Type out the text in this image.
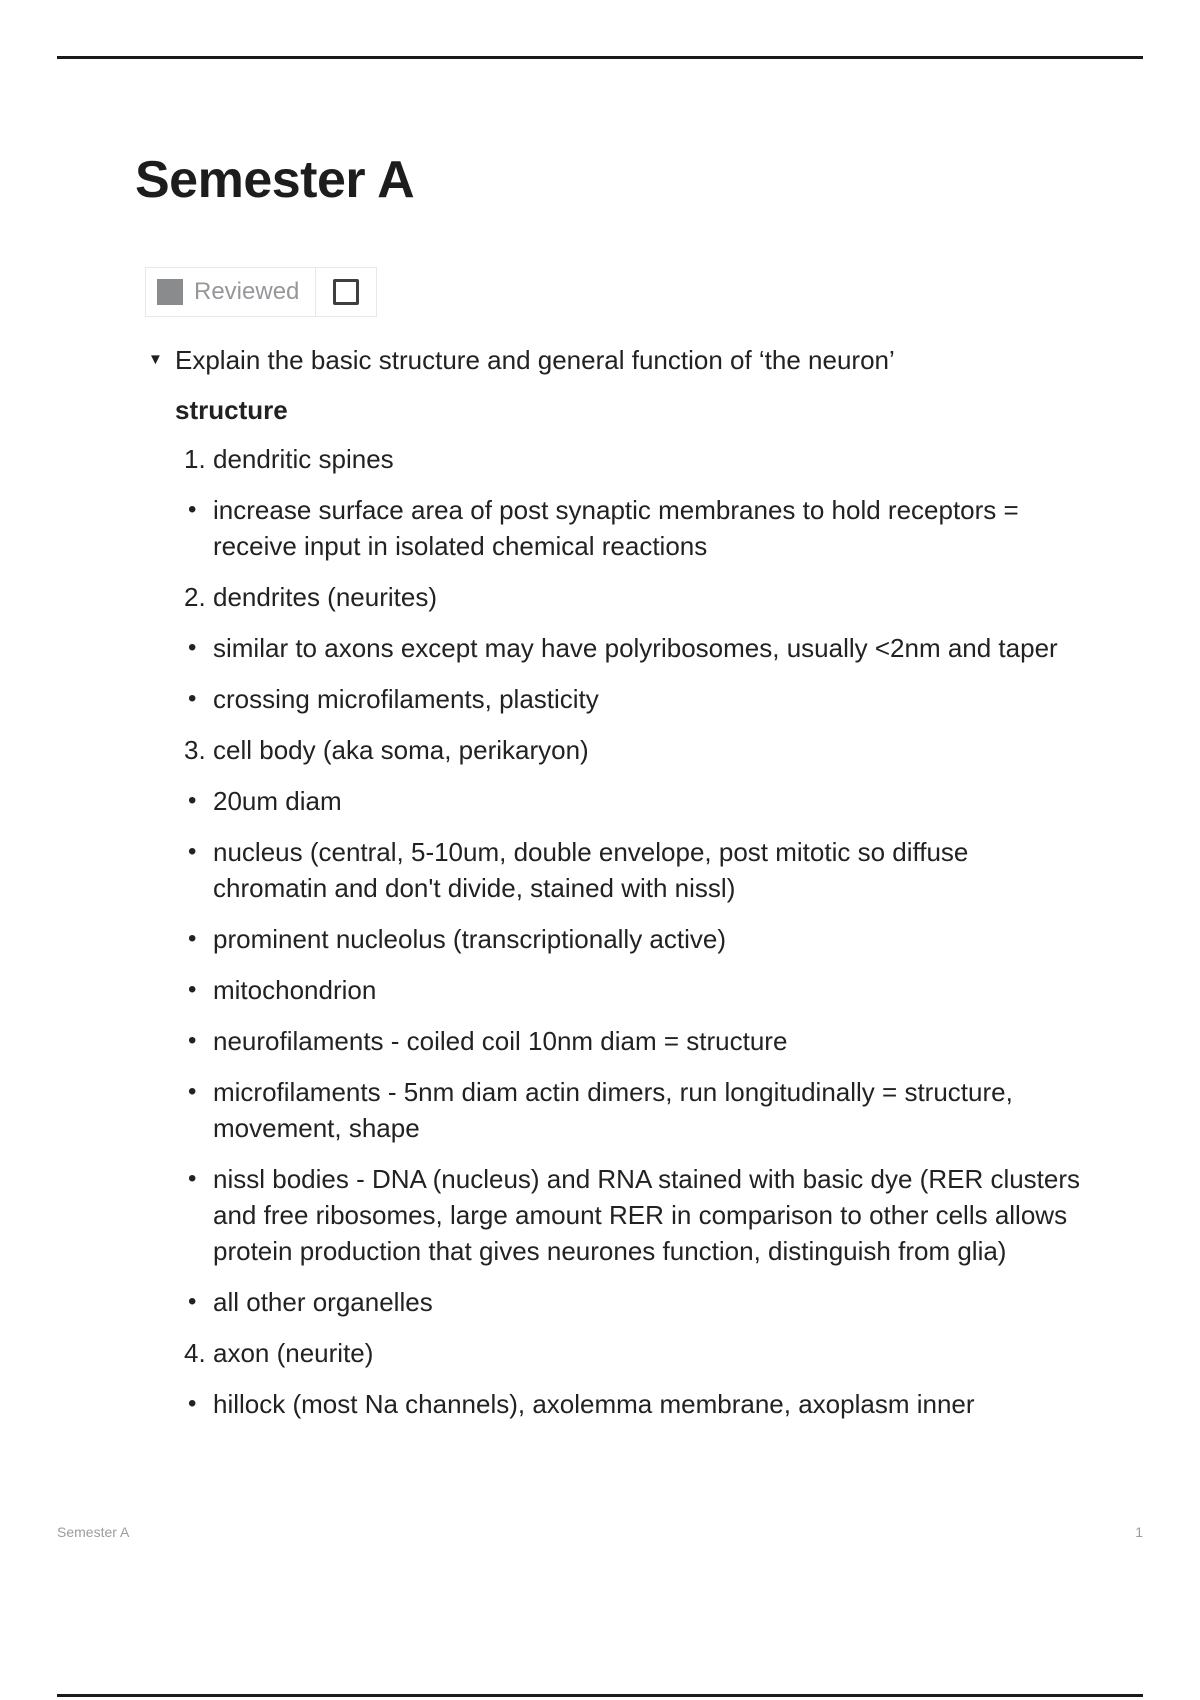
Semester A
Reviewed
▼ Explain the basic structure and general function of ‘the neuron’

structure

1. dendritic spines
• increase surface area of post synaptic membranes to hold receptors = receive input in isolated chemical reactions
2. dendrites (neurites)
• similar to axons except may have polyribosomes, usually <2nm and taper
• crossing microfilaments, plasticity
3. cell body (aka soma, perikaryon)
• 20um diam
• nucleus (central, 5-10um, double envelope, post mitotic so diffuse chromatin and don't divide, stained with nissl)
• prominent nucleolus (transcriptionally active)
• mitochondrion
• neurofilaments - coiled coil 10nm diam = structure
• microfilaments - 5nm diam actin dimers, run longitudinally = structure, movement, shape
• nissl bodies - DNA (nucleus) and RNA stained with basic dye (RER clusters and free ribosomes, large amount RER in comparison to other cells allows protein production that gives neurones function, distinguish from glia)
• all other organelles
4. axon (neurite)
• hillock (most Na channels), axolemma membrane, axoplasm inner
Semester A	1
